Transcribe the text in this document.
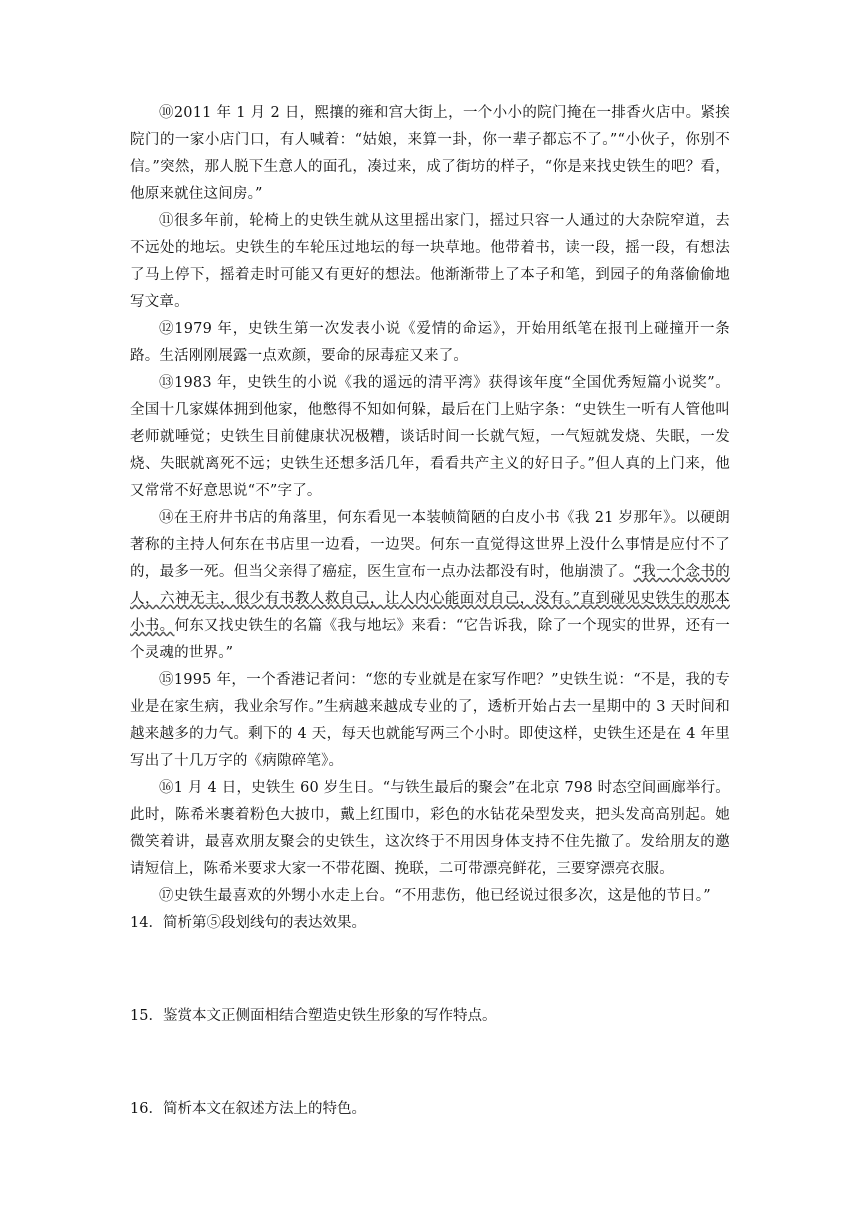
⑩2011 年 1 月 2 日，熙攘的雍和宫大街上，一个小小的院门掩在一排香火店中。紧挨院门的一家小店门口，有人喊着：“姑娘，来算一卦，你一辈子都忘不了。”“小伙子，你别不信。”突然，那人脱下生意人的面孔，凑过来，成了街坊的样子，“你是来找史铁生的吧？看，他原来就住这间房。”

⑪很多年前，轮椅上的史铁生就从这里摇出家门，摇过只容一人通过的大杂院窄道，去不远处的地坛。史铁生的车轮压过地坛的每一块草地。他带着书，读一段，摇一段，有想法了马上停下，摇着走时可能又有更好的想法。他渐渐带上了本子和笔，到园子的角落偷偷地写文章。

⑫1979 年，史铁生第一次发表小说《爱情的命运》，开始用纸笔在报刊上碰撞开一条路。生活刚刚展露一点欢颜，要命的尿毒症又来了。

⑬1983 年，史铁生的小说《我的遥远的清平湾》获得该年度“全国优秀短篇小说奖”。全国十几家媒体拥到他家，他憋得不知如何躲，最后在门上贴字条：“史铁生一听有人管他叫老师就唾觉；史铁生目前健康状况极糟，谈话时间一长就气短，一气短就发烧、失眠，一发烧、失眠就离死不远；史铁生还想多活几年，看看共产主义的好日子。”但人真的上门来，他又常常不好意思说“不”字了。

⑭在王府井书店的角落里，何东看见一本装帧简陋的白皮小书《我 21 岁那年》。以硬朗著称的主持人何东在书店里一边看，一边哭。何东一直觉得这世界上没什么事情是应付不了的，最多一死。但当父亲得了癌症，医生宣布一点办法都没有时，他崩溃了。“我一个念书的人，六神无主，很少有书教人救自己，让人内心能面对自己，没有。”直到碰见史铁生的那本小书。何东又找史铁生的名篇《我与地坛》来看：“它告诉我，除了一个现实的世界，还有一个灵魂的世界。”

⑮1995 年，一个香港记者问：“您的专业就是在家写作吧？”史铁生说：“不是，我的专业是在家生病，我业余写作。”生病越来越成专业的了，透析开始占去一星期中的 3 天时间和越来越多的力气。剩下的 4 天，每天也就能写两三个小时。即使这样，史铁生还是在 4 年里写出了十几万字的《病隙碎笔》。

⑯1 月 4 日，史铁生 60 岁生日。“与铁生最后的聚会”在北京 798 时态空间画廊举行。此时，陈希米裹着粉色大披巾，戴上红围巾，彩色的水钻花朵型发夹，把头发高高别起。她微笑着讲，最喜欢朋友聚会的史铁生，这次终于不用因身体支持不住先撤了。发给朋友的邀请短信上，陈希米要求大家一不带花圈、挽联，二可带漂亮鲜花，三要穿漂亮衣服。

⑰史铁生最喜欢的外甥小水走上台。“不用悲伤，他已经说过很多次，这是他的节日。”

14．简析第⑤段划线句的表达效果。

15．鉴赏本文正侧面相结合塑造史铁生形象的写作特点。

16．简析本文在叙述方法上的特色。
